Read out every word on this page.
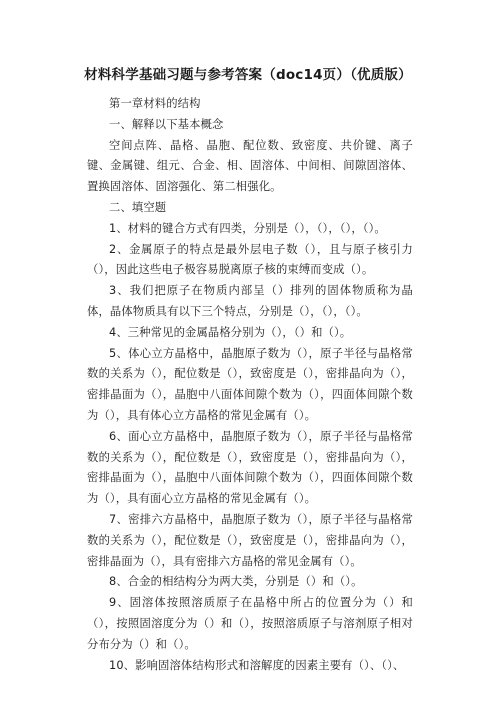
材料科学基础习题与参考答案（doc14页）（优质版）

第一章材料的结构

一、解释以下基本概念

空间点阵、晶格、晶胞、配位数、致密度、共价键、离子键、金属键、组元、合金、相、固溶体、中间相、间隙固溶体、置换固溶体、固溶强化、第二相强化。

二、填空题

1、材料的键合方式有四类，分别是（），（），（），（）。

2、金属原子的特点是最外层电子数（），且与原子核引力（），因此这些电子极容易脱离原子核的束缚而变成（）。

3、我们把原子在物质内部呈（）排列的固体物质称为晶体，晶体物质具有以下三个特点，分别是（），（），（）。

4、三种常见的金属晶格分别为（），（）和（）。

5、体心立方晶格中，晶胞原子数为（），原子半径与晶格常数的关系为（），配位数是（），致密度是（），密排晶向为（），密排晶面为（），晶胞中八面体间隙个数为（），四面体间隙个数为（），具有体心立方晶格的常见金属有（）。

6、面心立方晶格中，晶胞原子数为（），原子半径与晶格常数的关系为（），配位数是（），致密度是（），密排晶向为（），密排晶面为（），晶胞中八面体间隙个数为（），四面体间隙个数为（），具有面心立方晶格的常见金属有（）。

7、密排六方晶格中，晶胞原子数为（），原子半径与晶格常数的关系为（），配位数是（），致密度是（），密排晶向为（），密排晶面为（），具有密排六方晶格的常见金属有（）。

8、合金的相结构分为两大类，分别是（）和（）。

9、固溶体按照溶质原子在晶格中所占的位置分为（）和（），按照固溶度分为（）和（），按照溶质原子与溶剂原子相对分布分为（）和（）。

10、影响固溶体结构形式和溶解度的因素主要有（）、（）、
